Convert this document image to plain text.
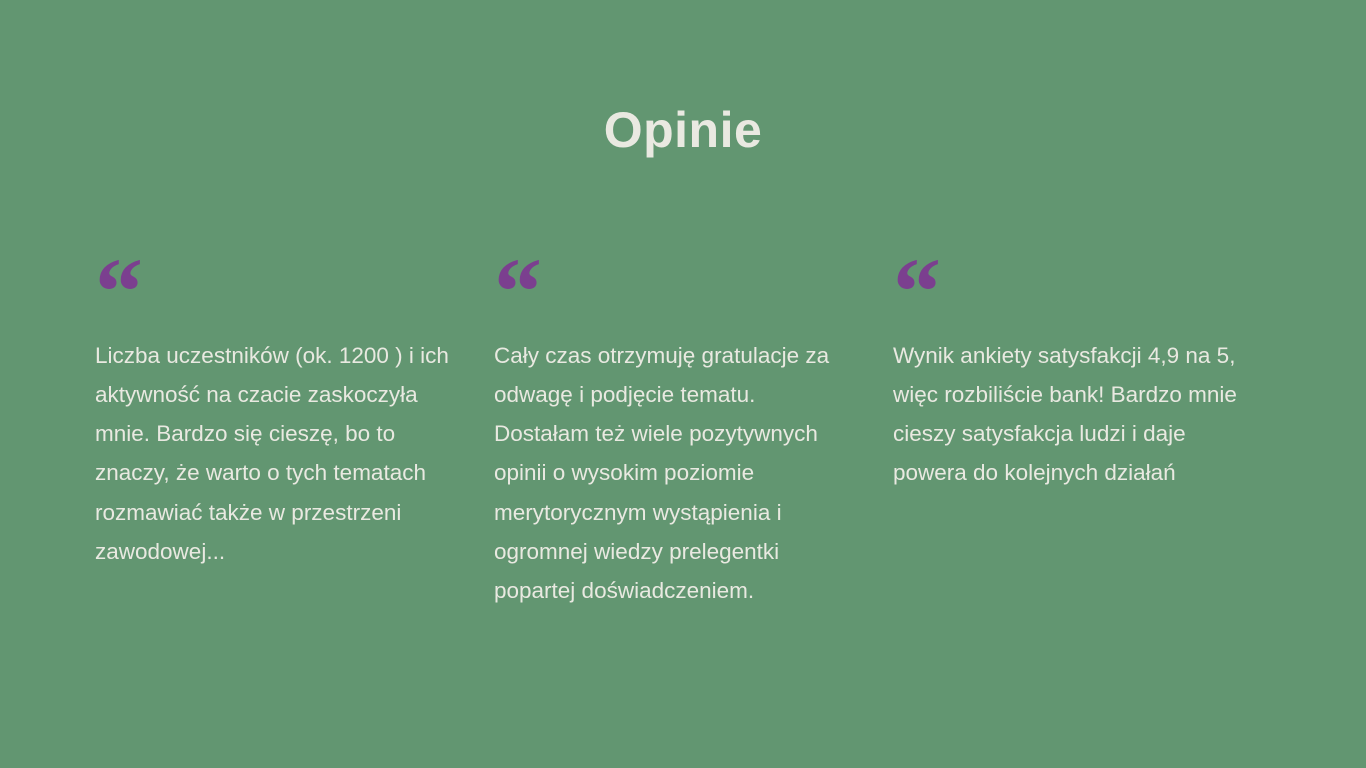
Opinie
“
Liczba uczestników (ok. 1200 ) i ich aktywność na czacie zaskoczyła mnie. Bardzo się cieszę, bo to znaczy, że warto o tych tematach rozmawiać także w przestrzeni zawodowej...
“
Cały czas otrzymuję gratulacje za odwagę i podjęcie tematu. Dostałam też wiele pozytywnych opinii o wysokim poziomie merytorycznym wystąpienia i ogromnej wiedzy prelegentki popartej doświadczeniem.
“
Wynik ankiety satysfakcji 4,9 na 5, więc rozbiliście bank! Bardzo mnie cieszy satysfakcja ludzi i daje powera do kolejnych działań
